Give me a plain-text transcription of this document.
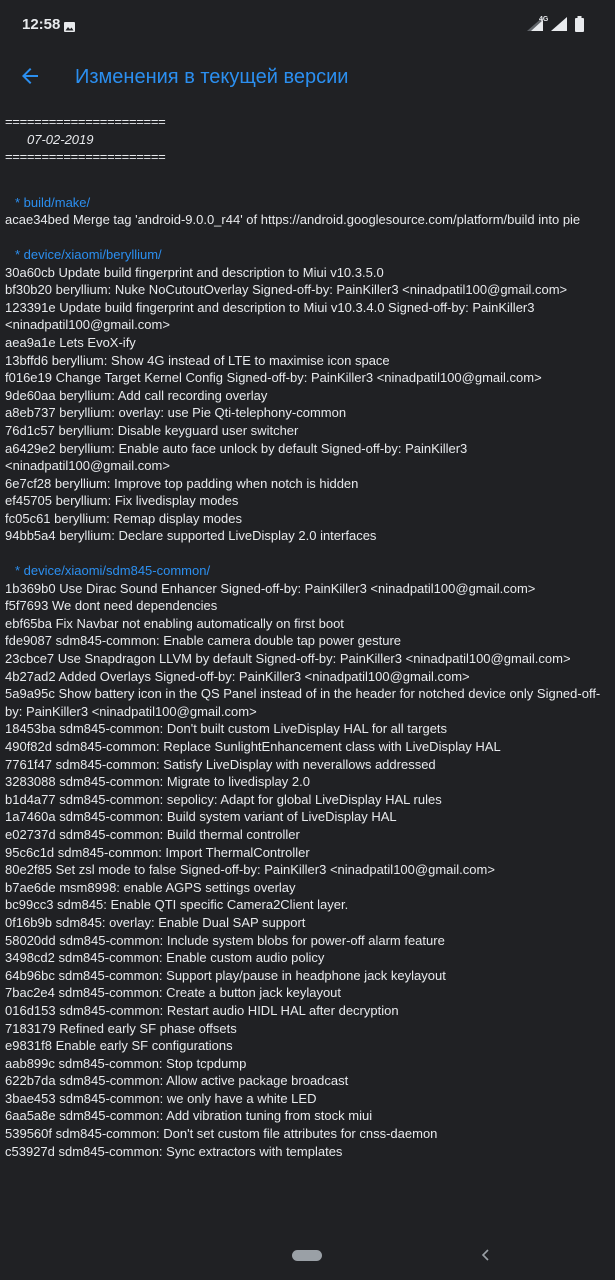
12:58	4G
Изменения в текущей версии
======================
07-02-2019
======================
* build/make/
acae34bed Merge tag 'android-9.0.0_r44' of https://android.googlesource.com/platform/build into pie
* device/xiaomi/beryllium/
30a60cb Update build fingerprint and description to Miui v10.3.5.0
bf30b20 beryllium: Nuke NoCutoutOverlay Signed-off-by: PainKiller3 <ninadpatil100@gmail.com>
123391e Update build fingerprint and description to Miui v10.3.4.0 Signed-off-by: PainKiller3 <ninadpatil100@gmail.com>
aea9a1e Lets EvoX-ify
13bffd6 beryllium: Show 4G instead of LTE to maximise icon space
f016e19 Change Target Kernel Config Signed-off-by: PainKiller3 <ninadpatil100@gmail.com>
9de60aa beryllium: Add call recording overlay
a8eb737 beryllium: overlay: use Pie Qti-telephony-common
76d1c57 beryllium: Disable keyguard user switcher
a6429e2 beryllium: Enable auto face unlock by default Signed-off-by: PainKiller3 <ninadpatil100@gmail.com>
6e7cf28 beryllium: Improve top padding when notch is hidden
ef45705 beryllium: Fix livedisplay modes
fc05c61 beryllium: Remap display modes
94bb5a4 beryllium: Declare supported LiveDisplay 2.0 interfaces
* device/xiaomi/sdm845-common/
1b369b0 Use Dirac Sound Enhancer Signed-off-by: PainKiller3 <ninadpatil100@gmail.com>
f5f7693 We dont need dependencies
ebf65ba Fix Navbar not enabling automatically on first boot
fde9087 sdm845-common: Enable camera double tap power gesture
23cbce7 Use Snapdragon LLVM by default Signed-off-by: PainKiller3 <ninadpatil100@gmail.com>
4b27ad2 Added Overlays Signed-off-by: PainKiller3 <ninadpatil100@gmail.com>
5a9a95c Show battery icon in the QS Panel instead of in the header for notched device only Signed-off-by: PainKiller3 <ninadpatil100@gmail.com>
18453ba sdm845-common: Don't built custom LiveDisplay HAL for all targets
490f82d sdm845-common: Replace SunlightEnhancement class with LiveDisplay HAL
7761f47 sdm845-common: Satisfy LiveDisplay with neverallows addressed
3283088 sdm845-common: Migrate to livedisplay 2.0
b1d4a77 sdm845-common: sepolicy: Adapt for global LiveDisplay HAL rules
1a7460a sdm845-common: Build system variant of LiveDisplay HAL
e02737d sdm845-common: Build thermal controller
95c6c1d sdm845-common: Import ThermalController
80e2f85 Set zsl mode to false Signed-off-by: PainKiller3 <ninadpatil100@gmail.com>
b7ae6de msm8998: enable AGPS settings overlay
bc99cc3 sdm845: Enable QTI specific Camera2Client layer.
0f16b9b sdm845: overlay: Enable Dual SAP support
58020dd sdm845-common: Include system blobs for power-off alarm feature
3498cd2 sdm845-common: Enable custom audio policy
64b96bc sdm845-common: Support play/pause in headphone jack keylayout
7bac2e4 sdm845-common: Create a button jack keylayout
016d153 sdm845-common: Restart audio HIDL HAL after decryption
7183179 Refined early SF phase offsets
e9831f8 Enable early SF configurations
aab899c sdm845-common: Stop tcpdump
622b7da sdm845-common: Allow active package broadcast
3bae453 sdm845-common: we only have a white LED
6aa5a8e sdm845-common: Add vibration tuning from stock miui
539560f sdm845-common: Don't set custom file attributes for cnss-daemon
c53927d sdm845-common: Sync extractors with templates
